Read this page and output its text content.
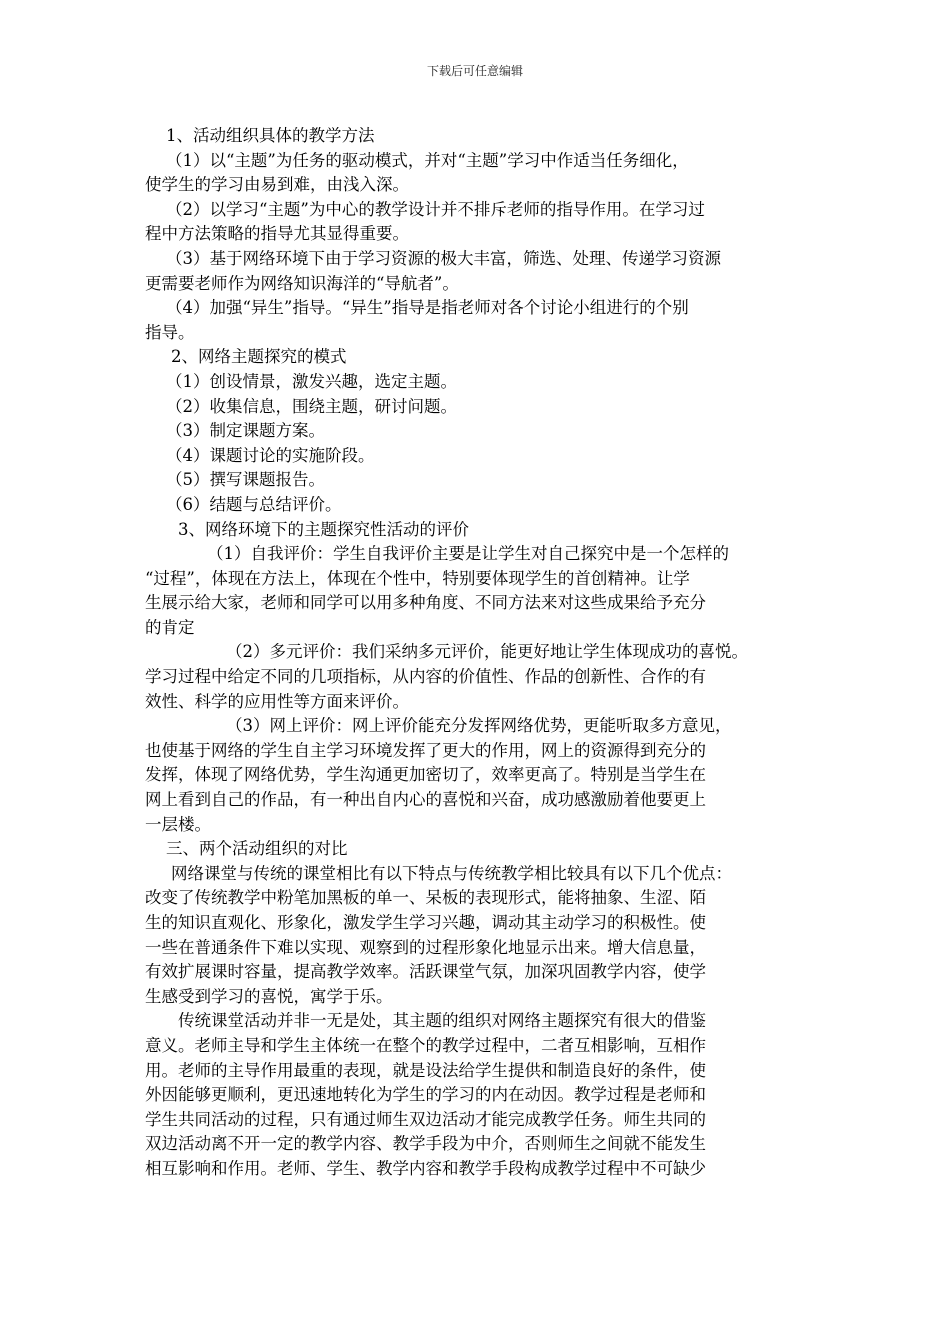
下载后可任意编辑
1、活动组织具体的教学方法
（1）以“主题”为任务的驱动模式，并对“主题”学习中作适当任务细化，
使学生的学习由易到难，由浅入深。
（2）以学习“主题”为中心的教学设计并不排斥老师的指导作用。在学习过
程中方法策略的指导尤其显得重要。
（3）基于网络环境下由于学习资源的极大丰富，筛选、处理、传递学习资源
更需要老师作为网络知识海洋的“导航者”。
（4）加强“异生”指导。“异生”指导是指老师对各个讨论小组进行的个别
指导。
2、网络主题探究的模式
（1）创设情景，激发兴趣，选定主题。
（2）收集信息，围绕主题，研讨问题。
（3）制定课题方案。
（4）课题讨论的实施阶段。
（5）撰写课题报告。
（6）结题与总结评价。
3、网络环境下的主题探究性活动的评价
（1）自我评价：学生自我评价主要是让学生对自己探究中是一个怎样的
“过程”，体现在方法上，体现在个性中，特别要体现学生的首创精神。让学
生展示给大家，老师和同学可以用多种角度、不同方法来对这些成果给予充分
的肯定
（2）多元评价：我们采纳多元评价，能更好地让学生体现成功的喜悦。
学习过程中给定不同的几项指标，从内容的价值性、作品的创新性、合作的有
效性、科学的应用性等方面来评价。
（3）网上评价：网上评价能充分发挥网络优势，更能听取多方意见，
也使基于网络的学生自主学习环境发挥了更大的作用，网上的资源得到充分的
发挥，体现了网络优势，学生沟通更加密切了，效率更高了。特别是当学生在
网上看到自己的作品，有一种出自内心的喜悦和兴奋，成功感激励着他要更上
一层楼。
三、两个活动组织的对比
网络课堂与传统的课堂相比有以下特点与传统教学相比较具有以下几个优点：
改变了传统教学中粉笔加黑板的单一、呆板的表现形式，能将抽象、生涩、陌
生的知识直观化、形象化，激发学生学习兴趣，调动其主动学习的积极性。使
一些在普通条件下难以实现、观察到的过程形象化地显示出来。增大信息量，
有效扩展课时容量，提高教学效率。活跃课堂气氛，加深巩固教学内容，使学
生感受到学习的喜悦，寓学于乐。
传统课堂活动并非一无是处，其主题的组织对网络主题探究有很大的借鉴
意义。老师主导和学生主体统一在整个的教学过程中，二者互相影响，互相作
用。老师的主导作用最重的表现，就是设法给学生提供和制造良好的条件，使
外因能够更顺利，更迅速地转化为学生的学习的内在动因。教学过程是老师和
学生共同活动的过程，只有通过师生双边活动才能完成教学任务。师生共同的
双边活动离不开一定的教学内容、教学手段为中介，否则师生之间就不能发生
相互影响和作用。老师、学生、教学内容和教学手段构成教学过程中不可缺少
